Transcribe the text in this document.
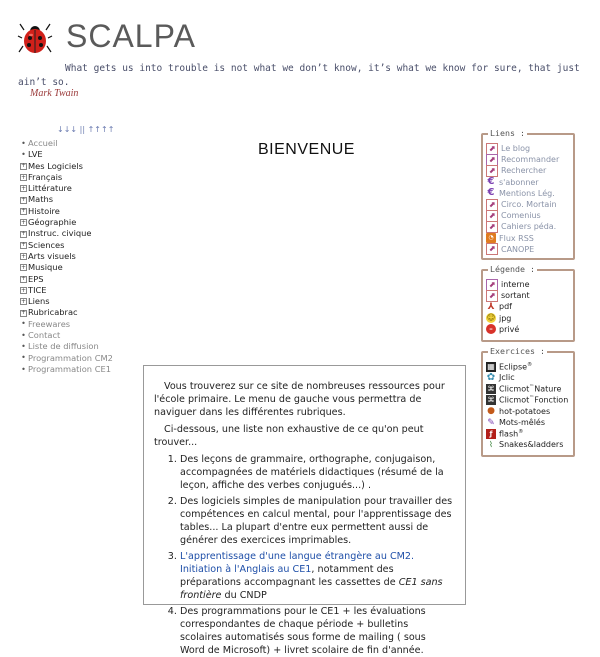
SCALPA
What gets us into trouble is not what we don’t know, it’s what we know for sure, that just ain’t so.
Mark Twain
↓↓↓ || ↑↑↑↑
• Accueil
• LVE
+ Mes Logiciels
+ Français
+ Littérature
+ Maths
+ Histoire
+ Géographie
+ Instruc. civique
+ Sciences
+ Arts visuels
+ Musique
+ EPS
+ TICE
+ Liens
+ Rubricabrac
• Freewares
• Contact
• Liste de diffusion
• Programmation CM2
• Programmation CE1
BIENVENUE

Vous trouverez sur ce site de nombreuses ressources pour l'école primaire. Le menu de gauche vous permettra de naviguer dans les différentes rubriques.

Ci-dessous, une liste non exhaustive de ce qu'on peut trouver...

1. Des leçons de grammaire, orthographe, conjugaison, accompagnées de matériels didactiques (résumé de la leçon, affiche des verbes conjugués...) .
2. Des logiciels simples de manipulation pour travailler des compétences en calcul mental, pour l'apprentissage des tables... La plupart d'entre eux permettent aussi de générer des exercices imprimables.
3. L'apprentissage d'une langue étrangère au CM2. Initiation à l'Anglais au CE1, notamment des préparations accompagnant les cassettes de CE1 sans frontière du CNDP
4. Des programmations pour le CE1 + les évaluations correspondantes de chaque période + bulletins scolaires automatisés sous forme de mailing ( sous Word de Microsoft) + livret scolaire de fin d'année.
Liens :
⬈ Le blog
⬈ Recommander
⬈ Rechercher
€ s'abonner
€ Mentions Lég.
⬈ Circo. Mortain
⬈ Comenius
⬈ Cahiers péda.
◔ Flux RSS
⬈ CANOPE
Légende :
⬈ interne
⬈ sortant
⅄ pdf
☺ jpg
– privé
Exercices :
▦ Eclipse®
✿ Jclic
⌘ Clicmot™Nature
⌘ Clicmot™Fonction
● hot-potatoes
✎ Mots-mêlés
ƒ flash®
⌇ Snakes&ladders
